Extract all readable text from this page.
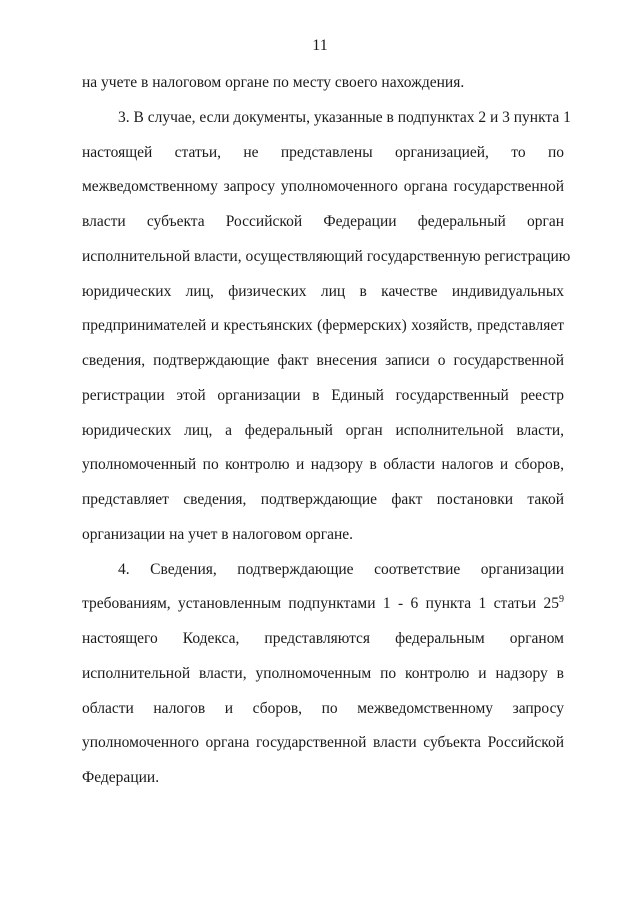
11
на учете в налоговом органе по месту своего нахождения.
3. В случае, если документы, указанные в подпунктах 2 и 3 пункта 1
настоящей статьи, не представлены организацией, то по
межведомственному запросу уполномоченного органа государственной
власти субъекта Российской Федерации федеральный орган
исполнительной власти, осуществляющий государственную регистрацию
юридических лиц, физических лиц в качестве индивидуальных
предпринимателей и крестьянских (фермерских) хозяйств, представляет
сведения, подтверждающие факт внесения записи о государственной
регистрации этой организации в Единый государственный реестр
юридических лиц, а федеральный орган исполнительной власти,
уполномоченный по контролю и надзору в области налогов и сборов,
представляет сведения, подтверждающие факт постановки такой
организации на учет в налоговом органе.
4. Сведения, подтверждающие соответствие организации
требованиям, установленным подпунктами 1 - 6 пункта 1 статьи $25^9$
настоящего Кодекса, представляются федеральным органом
исполнительной власти, уполномоченным по контролю и надзору в
области налогов и сборов, по межведомственному запросу
уполномоченного органа государственной власти субъекта Российской
Федерации.
